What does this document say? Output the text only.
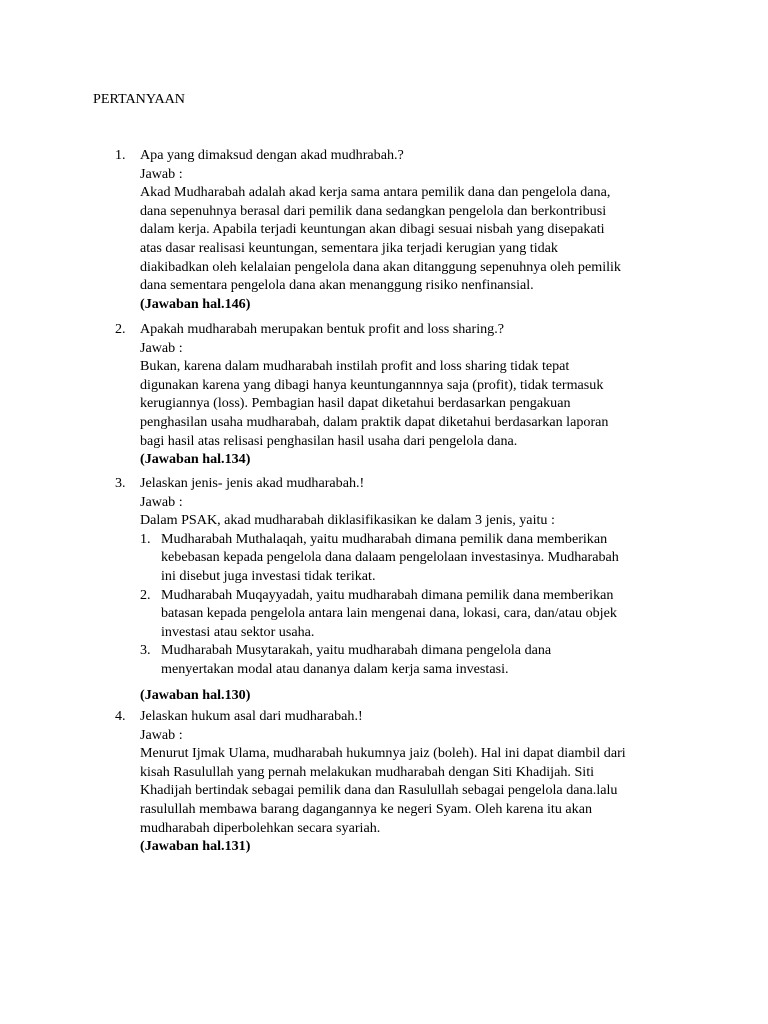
PERTANYAAN
1. Apa yang dimaksud dengan akad mudhrabah.?
Jawab :
Akad Mudharabah adalah akad kerja sama antara pemilik dana dan pengelola dana,
dana sepenuhnya berasal dari pemilik dana sedangkan pengelola dan berkontribusi
dalam kerja. Apabila terjadi keuntungan akan dibagi sesuai nisbah yang disepakati
atas dasar realisasi keuntungan, sementara jika terjadi kerugian yang tidak
diakibadkan oleh kelalaian pengelola dana akan ditanggung sepenuhnya oleh pemilik
dana sementara pengelola dana akan menanggung risiko nenfinansial.
(Jawaban hal.146)
2. Apakah mudharabah merupakan bentuk profit and loss sharing.?
Jawab :
Bukan, karena dalam mudharabah instilah profit and loss sharing tidak tepat
digunakan karena yang dibagi hanya keuntungannnya saja (profit), tidak termasuk
kerugiannya (loss). Pembagian hasil dapat diketahui berdasarkan pengakuan
penghasilan usaha mudharabah, dalam praktik dapat diketahui berdasarkan laporan
bagi hasil atas relisasi penghasilan hasil usaha dari pengelola dana.
(Jawaban hal.134)
3. Jelaskan jenis- jenis akad mudharabah.!
Jawab :
Dalam PSAK, akad mudharabah diklasifikasikan ke dalam 3 jenis, yaitu :
1. Mudharabah Muthalaqah, yaitu mudharabah dimana pemilik dana memberikan
kebebasan kepada pengelola dana dalaam pengelolaan investasinya. Mudharabah
ini disebut juga investasi tidak terikat.
2. Mudharabah Muqayyadah, yaitu mudharabah dimana pemilik dana memberikan
batasan kepada pengelola antara lain mengenai dana, lokasi, cara, dan/atau objek
investasi atau sektor usaha.
3. Mudharabah Musytarakah, yaitu mudharabah dimana pengelola dana
menyertakan modal atau dananya dalam kerja sama investasi.
(Jawaban hal.130)
4. Jelaskan hukum asal dari mudharabah.!
Jawab :
Menurut Ijmak Ulama, mudharabah hukumnya jaiz (boleh). Hal ini dapat diambil dari
kisah Rasulullah yang pernah melakukan mudharabah dengan Siti Khadijah. Siti
Khadijah bertindak sebagai pemilik dana dan Rasulullah sebagai pengelola dana.lalu
rasulullah membawa barang dagangannya ke negeri Syam. Oleh karena itu akan
mudharabah diperbolehkan secara syariah.
(Jawaban hal.131)
